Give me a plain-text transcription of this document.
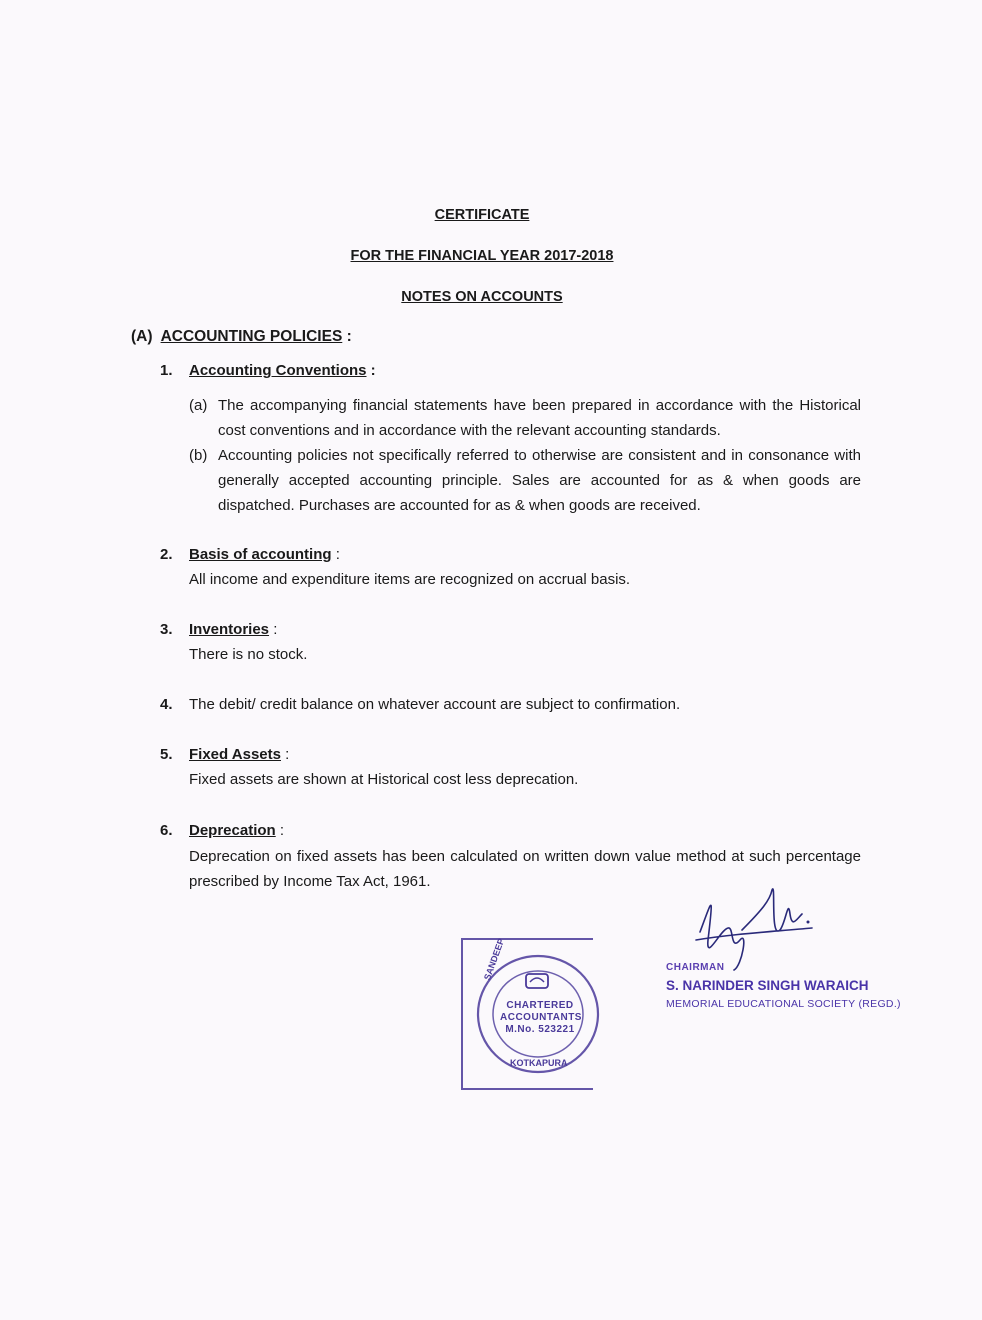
CERTIFICATE
FOR THE FINANCIAL YEAR 2017-2018
NOTES ON ACCOUNTS
(A) ACCOUNTING POLICIES :
1. Accounting Conventions :
(a) The accompanying financial statements have been prepared in accordance with the Historical cost conventions and in accordance with the relevant accounting standards.
(b) Accounting policies not specifically referred to otherwise are consistent and in consonance with generally accepted accounting principle. Sales are accounted for as & when goods are dispatched. Purchases are accounted for as & when goods are received.
2. Basis of accounting :
All income and expenditure items are recognized on accrual basis.
3. Inventories :
There is no stock.
4. The debit/ credit balance on whatever account are subject to confirmation.
5. Fixed Assets :
Fixed assets are shown at Historical cost less deprecation.
6. Deprecation :
Deprecation on fixed assets has been calculated on written down value method at such percentage prescribed by Income Tax Act, 1961.
CHARTERED
ACCOUNTANTS
M.No. 523221
SANDEEP
KOTKAPURA
CHAIRMAN
S. NARINDER SINGH WARAICH
MEMORIAL EDUCATIONAL SOCIETY (REGD.)
